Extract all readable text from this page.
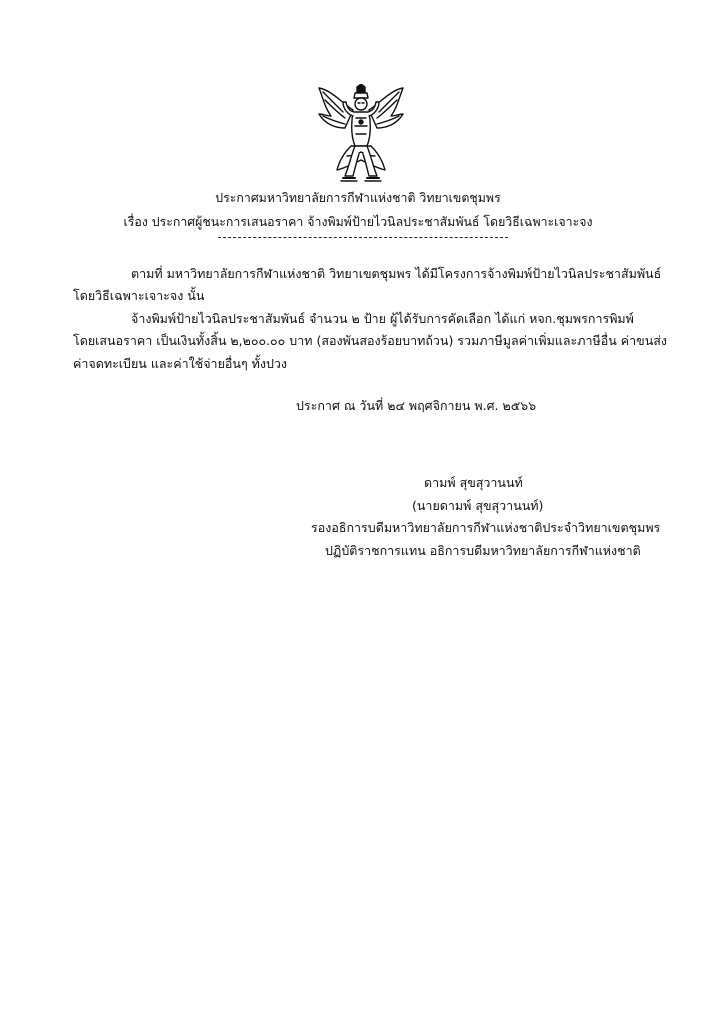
ประกาศมหาวิทยาลัยการกีฬาแห่งชาติ วิทยาเขตชุมพร
เรื่อง ประกาศผู้ชนะการเสนอราคา จ้างพิมพ์ป้ายไวนิลประชาสัมพันธ์ โดยวิธีเฉพาะเจาะจง
ตามที่ มหาวิทยาลัยการกีฬาแห่งชาติ วิทยาเขตชุมพร ได้มีโครงการจ้างพิมพ์ป้ายไวนิลประชาสัมพันธ์
โดยวิธีเฉพาะเจาะจง นั้น
จ้างพิมพ์ป้ายไวนิลประชาสัมพันธ์ จำนวน ๒ ป้าย ผู้ได้รับการคัดเลือก ได้แก่ หจก.ชุมพรการพิมพ์
โดยเสนอราคา เป็นเงินทั้งสิ้น ๒,๒๐๐.๐๐ บาท (สองพันสองร้อยบาทถ้วน) รวมภาษีมูลค่าเพิ่มและภาษีอื่น ค่าขนส่ง
ค่าจดทะเบียน และค่าใช้จ่ายอื่นๆ ทั้งปวง
ประกาศ ณ วันที่ ๒๔ พฤศจิกายน พ.ศ. ๒๕๖๖
ดามพ์ สุขสุวานนท์
(นายดามพ์ สุขสุวานนท์)
รองอธิการบดีมหาวิทยาลัยการกีฬาแห่งชาติประจำวิทยาเขตชุมพร
ปฏิบัติราชการแทน อธิการบดีมหาวิทยาลัยการกีฬาแห่งชาติ
